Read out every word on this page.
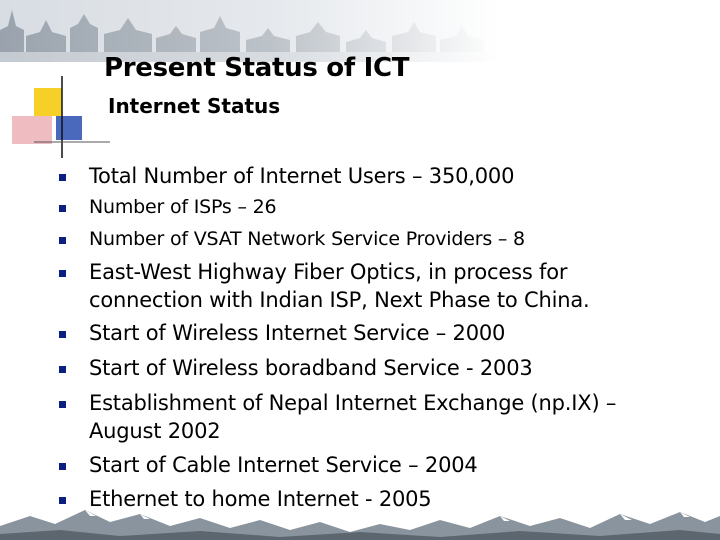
Present Status of ICT
Internet Status
Total Number of Internet Users – 350,000
Number of ISPs – 26
Number of VSAT Network Service Providers – 8
East-West Highway Fiber Optics, in process for
connection with Indian ISP, Next Phase to China.
Start of Wireless Internet Service – 2000
Start of Wireless boradband Service - 2003
Establishment of Nepal Internet Exchange (np.IX) –
August 2002
Start of Cable Internet Service – 2004
Ethernet to home Internet - 2005
